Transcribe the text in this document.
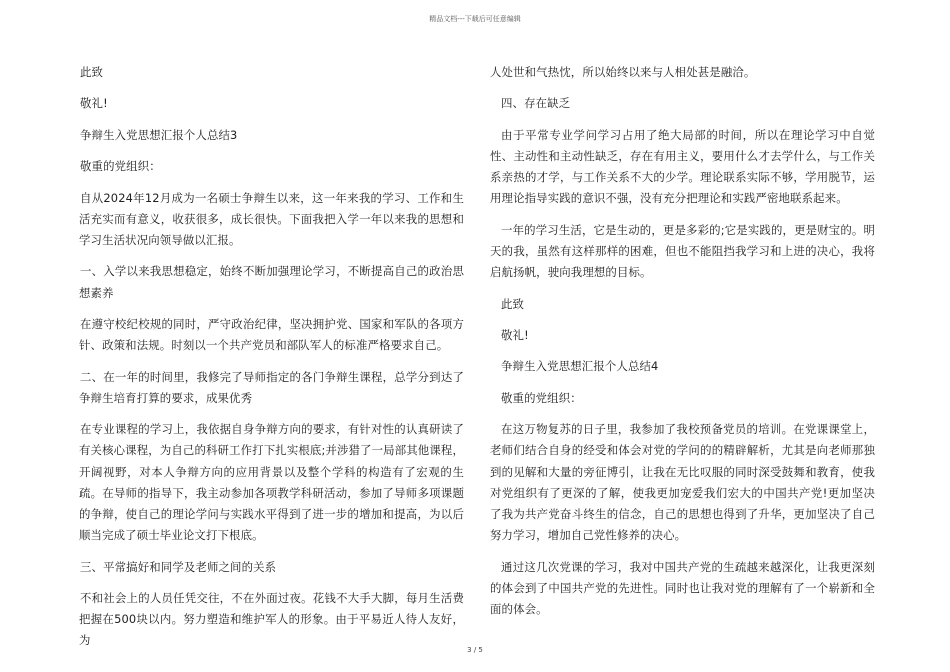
精品文档---下载后可任意编辑

此致

敬礼!

争辩生入党思想汇报个人总结3

敬重的党组织：

自从2024年12月成为一名硕士争辩生以来，这一年来我的学习、工作和生活充实而有意义，收获很多，成长很快。下面我把入学一年以来我的思想和学习生活状况向领导做以汇报。

一、入学以来我思想稳定，始终不断加强理论学习，不断提高自己的政治思想素养

在遵守校纪校规的同时，严守政治纪律，坚决拥护党、国家和军队的各项方针、政策和法规。时刻以一个共产党员和部队军人的标准严格要求自己。

二、在一年的时间里，我修完了导师指定的各门争辩生课程，总学分到达了争辩生培育打算的要求，成果优秀

在专业课程的学习上，我依据自身争辩方向的要求，有针对性的认真研读了有关核心课程，为自己的科研工作打下扎实根底;并涉猎了一局部其他课程，开阔视野，对本人争辩方向的应用背景以及整个学科的构造有了宏观的生疏。在导师的指导下，我主动参加各项教学科研活动，参加了导师多项课题的争辩，使自己的理论学问与实践水平得到了进一步的增加和提高，为以后顺当完成了硕士毕业论文打下根底。

三、平常搞好和同学及老师之间的关系

不和社会上的人员任凭交往，不在外面过夜。花钱不大手大脚，每月生活费把握在500块以内。努力塑造和维护军人的形象。由于平易近人待人友好，为

人处世和气热忱，所以始终以来与人相处甚是融洽。

四、存在缺乏

由于平常专业学问学习占用了绝大局部的时间，所以在理论学习中自觉性、主动性和主动性缺乏，存在有用主义，要用什么才去学什么，与工作关系亲热的才学，与工作关系不大的少学。理论联系实际不够，学用脱节，运用理论指导实践的意识不强，没有充分把理论和实践严密地联系起来。

一年的学习生活，它是生动的，更是多彩的;它是实践的，更是财宝的。明天的我，虽然有这样那样的困难，但也不能阻挡我学习和上进的决心，我将启航扬帆，驶向我理想的目标。

此致

敬礼!

争辩生入党思想汇报个人总结4

敬重的党组织：

在这万物复苏的日子里，我参加了我校预备党员的培训。在党课课堂上，老师们结合自身的经受和体会对党的学问的的精辟解析，尤其是向老师那独到的见解和大量的旁征博引，让我在无比叹服的同时深受鼓舞和教育，使我对党组织有了更深的了解，使我更加宠爱我们宏大的中国共产党!更加坚决了我为共产党奋斗终生的信念，自己的思想也得到了升华，更加坚决了自己努力学习，增加自己党性修养的决心。

通过这几次党课的学习，我对中国共产党的生疏越来越深化，让我更深刻的体会到了中国共产党的先进性。同时也让我对党的理解有了一个崭新和全面的体会。

3 / 5
